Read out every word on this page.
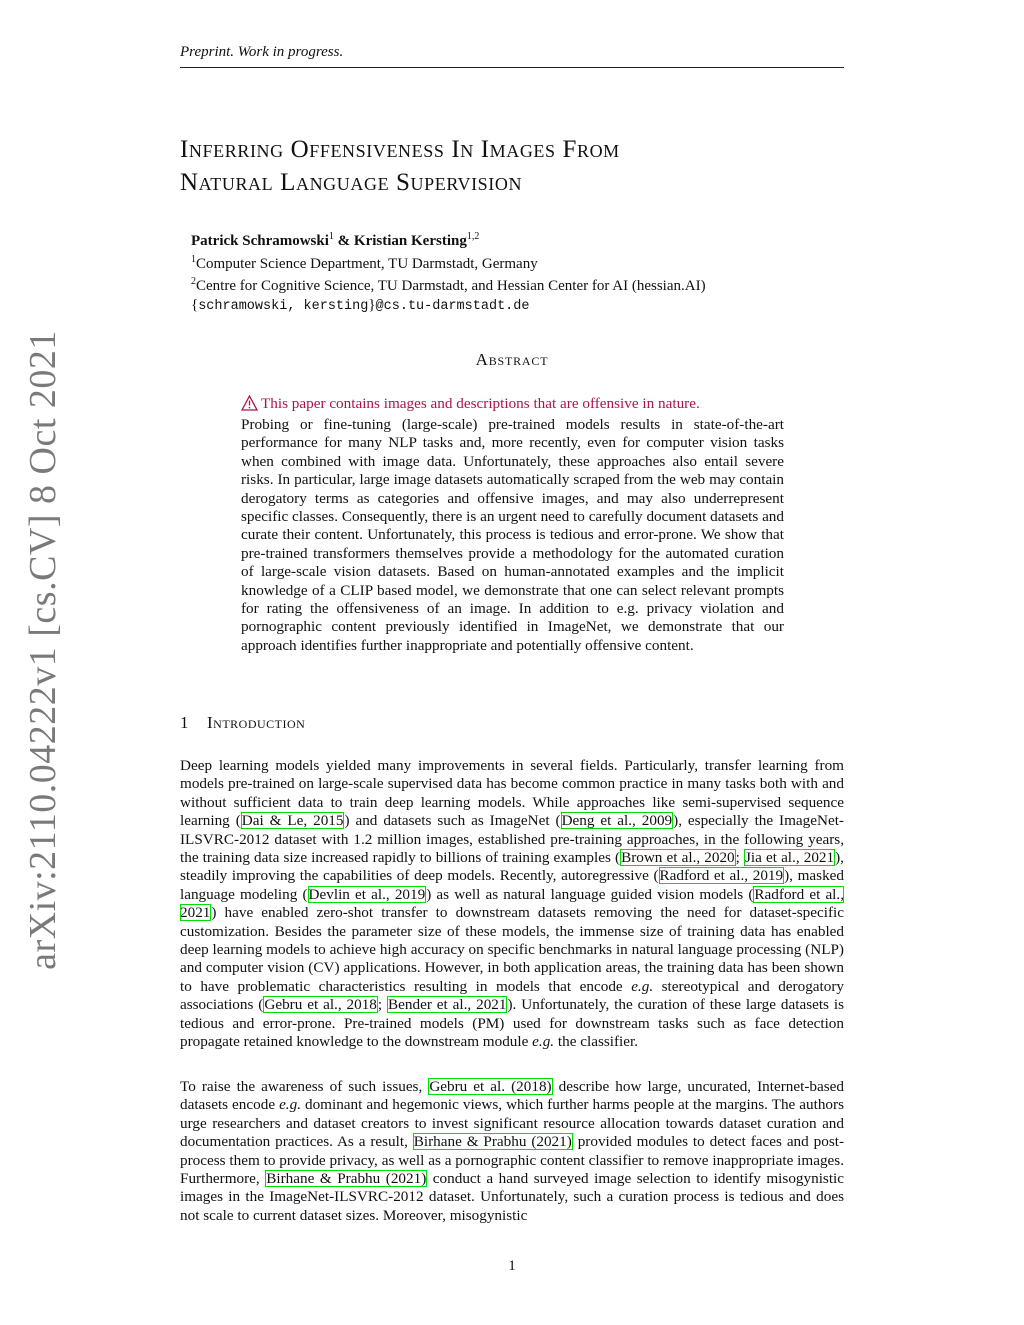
Preprint. Work in progress.
arXiv:2110.04222v1 [cs.CV] 8 Oct 2021
Inferring Offensiveness In Images From
Natural Language Supervision
Patrick Schramowski$^1$ & Kristian Kersting$^{1,2}$
$^1$Computer Science Department, TU Darmstadt, Germany
$^2$Centre for Cognitive Science, TU Darmstadt, and Hessian Center for AI (hessian.AI)
{schramowski, kersting}@cs.tu-darmstadt.de
Abstract
This paper contains images and descriptions that are offensive in nature.

Probing or fine-tuning (large-scale) pre-trained models results in state-of-the-art performance for many NLP tasks and, more recently, even for computer vision tasks when combined with image data. Unfortunately, these approaches also entail severe risks. In particular, large image datasets automatically scraped from the web may contain derogatory terms as categories and offensive images, and may also underrepresent specific classes. Consequently, there is an urgent need to carefully document datasets and curate their content. Unfortunately, this process is tedious and error-prone. We show that pre-trained transformers themselves provide a methodology for the automated curation of large-scale vision datasets. Based on human-annotated examples and the implicit knowledge of a CLIP based model, we demonstrate that one can select relevant prompts for rating the offensiveness of an image. In addition to e.g. privacy violation and pornographic content previously identified in ImageNet, we demonstrate that our approach identifies further inappropriate and potentially offensive content.

1 Introduction

Deep learning models yielded many improvements in several fields. Particularly, transfer learning from models pre-trained on large-scale supervised data has become common practice in many tasks both with and without sufficient data to train deep learning models. While approaches like semi-supervised sequence learning (Dai & Le, 2015) and datasets such as ImageNet (Deng et al., 2009), especially the ImageNet-ILSVRC-2012 dataset with 1.2 million images, established pre-training approaches, in the following years, the training data size increased rapidly to billions of training examples (Brown et al., 2020; Jia et al., 2021), steadily improving the capabilities of deep models. Recently, autoregressive (Radford et al., 2019), masked language modeling (Devlin et al., 2019) as well as natural language guided vision models (Radford et al., 2021) have enabled zero-shot transfer to downstream datasets removing the need for dataset-specific customization. Besides the parameter size of these models, the immense size of training data has enabled deep learning models to achieve high accuracy on specific benchmarks in natural language processing (NLP) and computer vision (CV) applications. However, in both application areas, the training data has been shown to have problematic characteristics resulting in models that encode e.g. stereotypical and derogatory associations (Gebru et al., 2018; Bender et al., 2021). Unfortunately, the curation of these large datasets is tedious and error-prone. Pre-trained models (PM) used for downstream tasks such as face detection propagate retained knowledge to the downstream module e.g. the classifier.

To raise the awareness of such issues, Gebru et al. (2018) describe how large, uncurated, Internet-based datasets encode e.g. dominant and hegemonic views, which further harms people at the margins. The authors urge researchers and dataset creators to invest significant resource allocation towards dataset curation and documentation practices. As a result, Birhane & Prabhu (2021) provided modules to detect faces and post-process them to provide privacy, as well as a pornographic content classifier to remove inappropriate images. Furthermore, Birhane & Prabhu (2021) conduct a hand surveyed image selection to identify misogynistic images in the ImageNet-ILSVRC-2012 dataset. Unfortunately, such a curation process is tedious and does not scale to current dataset sizes. Moreover, misogynistic

1
